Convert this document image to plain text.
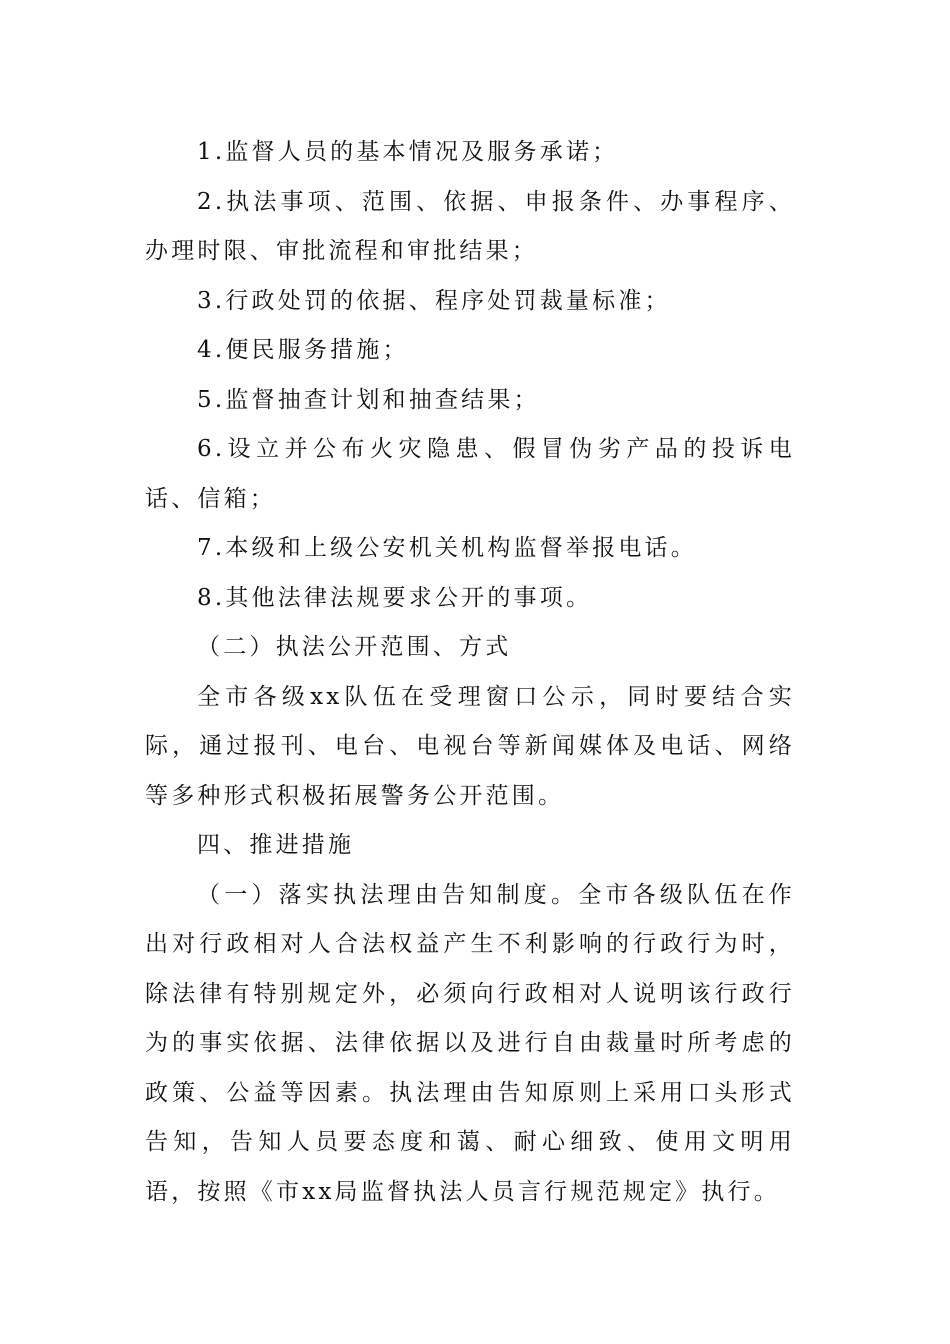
1.监督人员的基本情况及服务承诺；

2.执法事项、范围、依据、申报条件、办事程序、办理时限、审批流程和审批结果；

3.行政处罚的依据、程序处罚裁量标准；

4.便民服务措施；

5.监督抽查计划和抽查结果；

6.设立并公布火灾隐患、假冒伪劣产品的投诉电话、信箱；

7.本级和上级公安机关机构监督举报电话。

8.其他法律法规要求公开的事项。

（二）执法公开范围、方式

全市各级xx队伍在受理窗口公示，同时要结合实际，通过报刊、电台、电视台等新闻媒体及电话、网络等多种形式积极拓展警务公开范围。

四、推进措施

（一）落实执法理由告知制度。全市各级队伍在作出对行政相对人合法权益产生不利影响的行政行为时，除法律有特别规定外，必须向行政相对人说明该行政行为的事实依据、法律依据以及进行自由裁量时所考虑的政策、公益等因素。执法理由告知原则上采用口头形式告知，告知人员要态度和蔼、耐心细致、使用文明用语，按照《市xx局监督执法人员言行规范规定》执行。
